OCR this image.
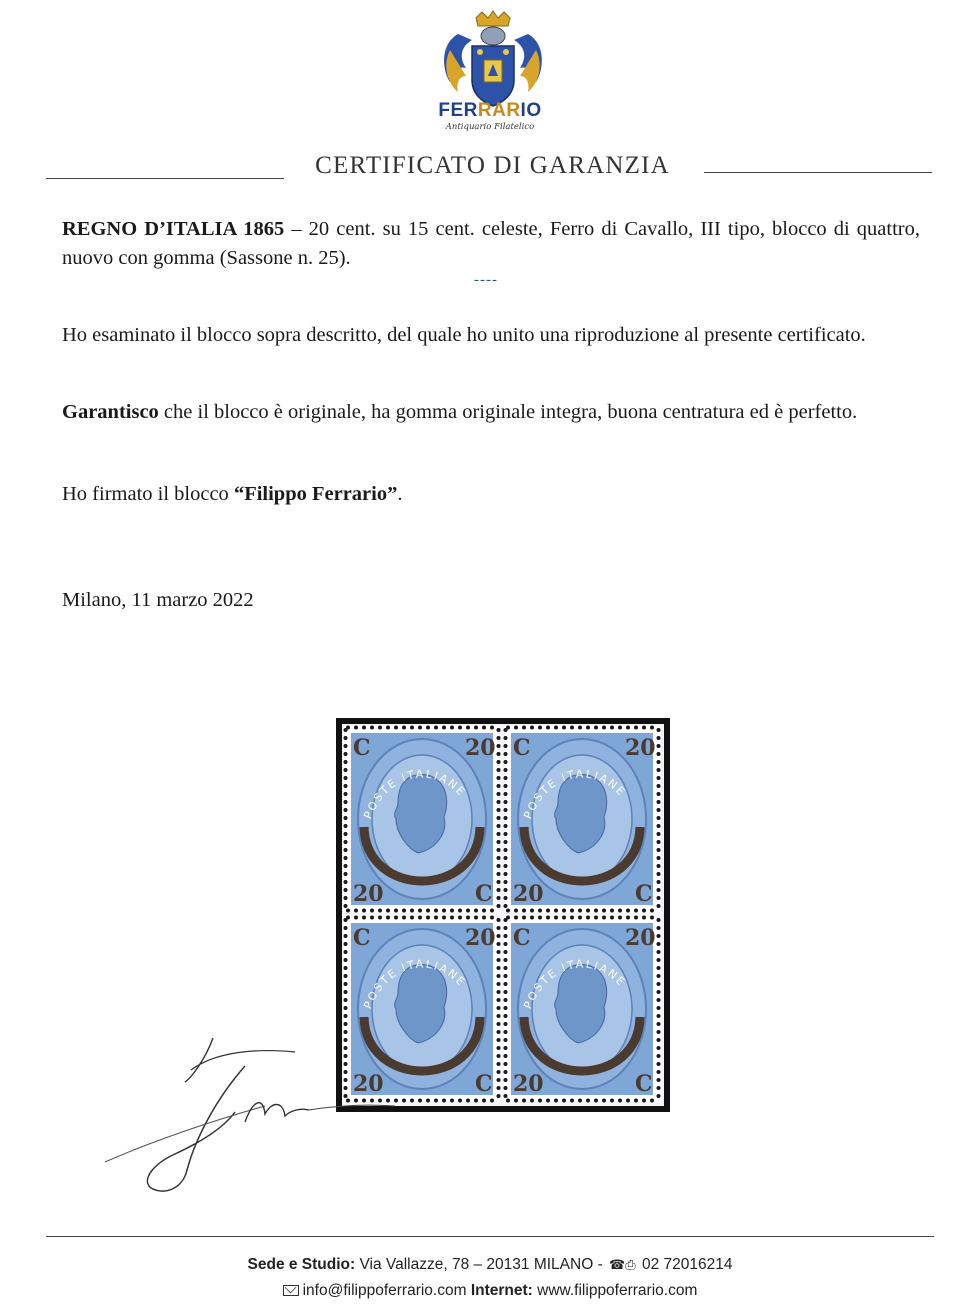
FERRARIO
Antiquario Filatelico
CERTIFICATO DI GARANZIA
REGNO D’ITALIA 1865 – 20 cent. su 15 cent. celeste, Ferro di Cavallo, III tipo, blocco di quattro, nuovo con gomma (Sassone n. 25).
----
Ho esaminato il blocco sopra descritto, del quale ho unito una riproduzione al presente certificato.
Garantisco che il blocco è originale, ha gomma originale integra, buona centratura ed è perfetto.
Ho firmato il blocco “Filippo Ferrario”.
Milano, 11 marzo 2022
POSTE ITALIANE
C	20
20	C
POSTE ITALIANE
C	20
20	C
POSTE ITALIANE
C	20
20	C
POSTE ITALIANE
C	20
20	C
Sede e Studio: Via Vallazze, 78 – 20131 MILANO - ☎⎙ 02 72016214
info@filippoferrario.com Internet: www.filippoferrario.com
